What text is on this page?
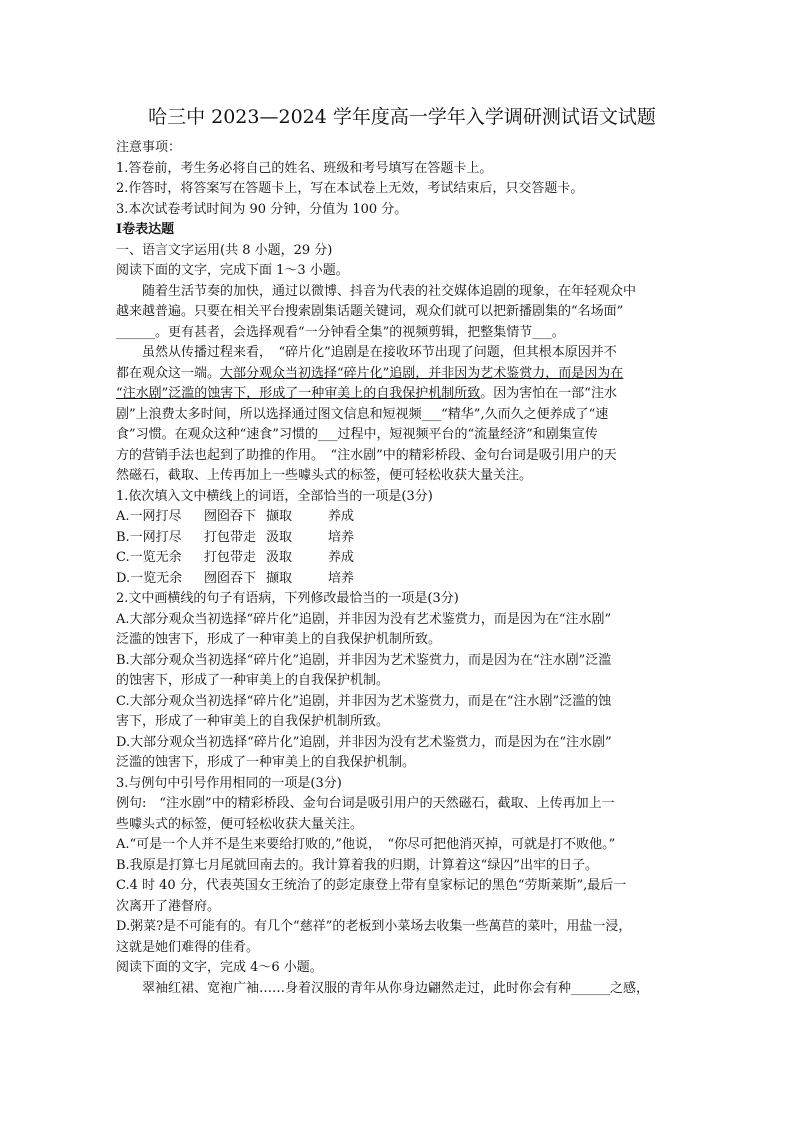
哈三中 2023—2024 学年度高一学年入学调研测试语文试题
注意事项：
1.答卷前，考生务必将自己的姓名、班级和考号填写在答题卡上。
2.作答时，将答案写在答题卡上，写在本试卷上无效，考试结束后，只交答题卡。
3.本次试卷考试时间为 90 分钟，分值为 100 分。
Ⅰ卷表达题
一、语言文字运用(共 8 小题，29 分)
阅读下面的文字，完成下面 1～3 小题。
随着生活节奏的加快，通过以微博、抖音为代表的社交媒体追剧的现象，在年轻观众中
越来越普遍。只要在相关平台搜索剧集话题关键词，观众们就可以把新播剧集的“名场面”
______。更有甚者，会选择观看“一分钟看全集”的视频剪辑，把整集情节___。
虽然从传播过程来看，　“碎片化”追剧是在接收环节出现了问题，但其根本原因并不
都在观众这一端。大部分观众当初选择“碎片化”追剧，并非因为艺术鉴赏力，而是因为在
“注水剧”泛滥的蚀害下，形成了一种审美上的自我保护机制所致。因为害怕在一部“注水
剧”上浪费太多时间，所以选择通过图文信息和短视频___“精华”,久而久之便养成了“速
食”习惯。在观众这种“速食”习惯的___过程中，短视频平台的“流量经济”和剧集宣传
方的营销手法也起到了助推的作用。　“注水剧”中的精彩桥段、金句台词是吸引用户的天
然磁石，截取、上传再加上一些噱头式的标签，便可轻松收获大量关注。
1.依次填入文中横线上的词语，全部恰当的一项是(3分)
A.一网打尽	囫囵吞下 撷取	养成
B.一网打尽	打包带走 汲取	培养
C.一览无余	打包带走 汲取	养成
D.一览无余	囫囵吞下 撷取	培养
2.文中画横线的句子有语病，下列修改最恰当的一项是(3分)
A.大部分观众当初选择“碎片化”追剧，并非因为没有艺术鉴赏力，而是因为在“注水剧”
泛滥的蚀害下，形成了一种审美上的自我保护机制所致。
B.大部分观众当初选择“碎片化”追剧，并非因为艺术鉴赏力，而是因为在“注水剧”泛滥
的蚀害下，形成了一种审美上的自我保护机制。
C.大部分观众当初选择“碎片化”追剧，并非因为艺术鉴赏力，而是在“注水剧”泛滥的蚀
害下，形成了一种审美上的自我保护机制所致。
D.大部分观众当初选择“碎片化”追剧，并非因为没有艺术鉴赏力，而是因为在“注水剧”
泛滥的蚀害下，形成了一种审美上的自我保护机制。
3.与例句中引号作用相同的一项是(3分)
例句:　“注水剧”中的精彩桥段、金句台词是吸引用户的天然磁石，截取、上传再加上一
些噱头式的标签，便可轻松收获大量关注。
A.“可是一个人并不是生来要给打败的,”他说，　“你尽可把他消灭掉，可就是打不败他。”
B.我原是打算七月尾就回南去的。我计算着我的归期，计算着这“绿囚”出牢的日子。
C.4 时 40 分，代表英国女王统治了的彭定康登上带有皇家标记的黑色“劳斯莱斯”,最后一
次离开了港督府。
D.粥菜?是不可能有的。有几个“慈祥”的老板到小菜场去收集一些萬苣的菜叶，用盐一浸，
这就是她们难得的佳肴。
阅读下面的文字，完成 4～6 小题。
翠袖红裙、宽袍广袖……身着汉服的青年从你身边翩然走过，此时你会有种______之感，
